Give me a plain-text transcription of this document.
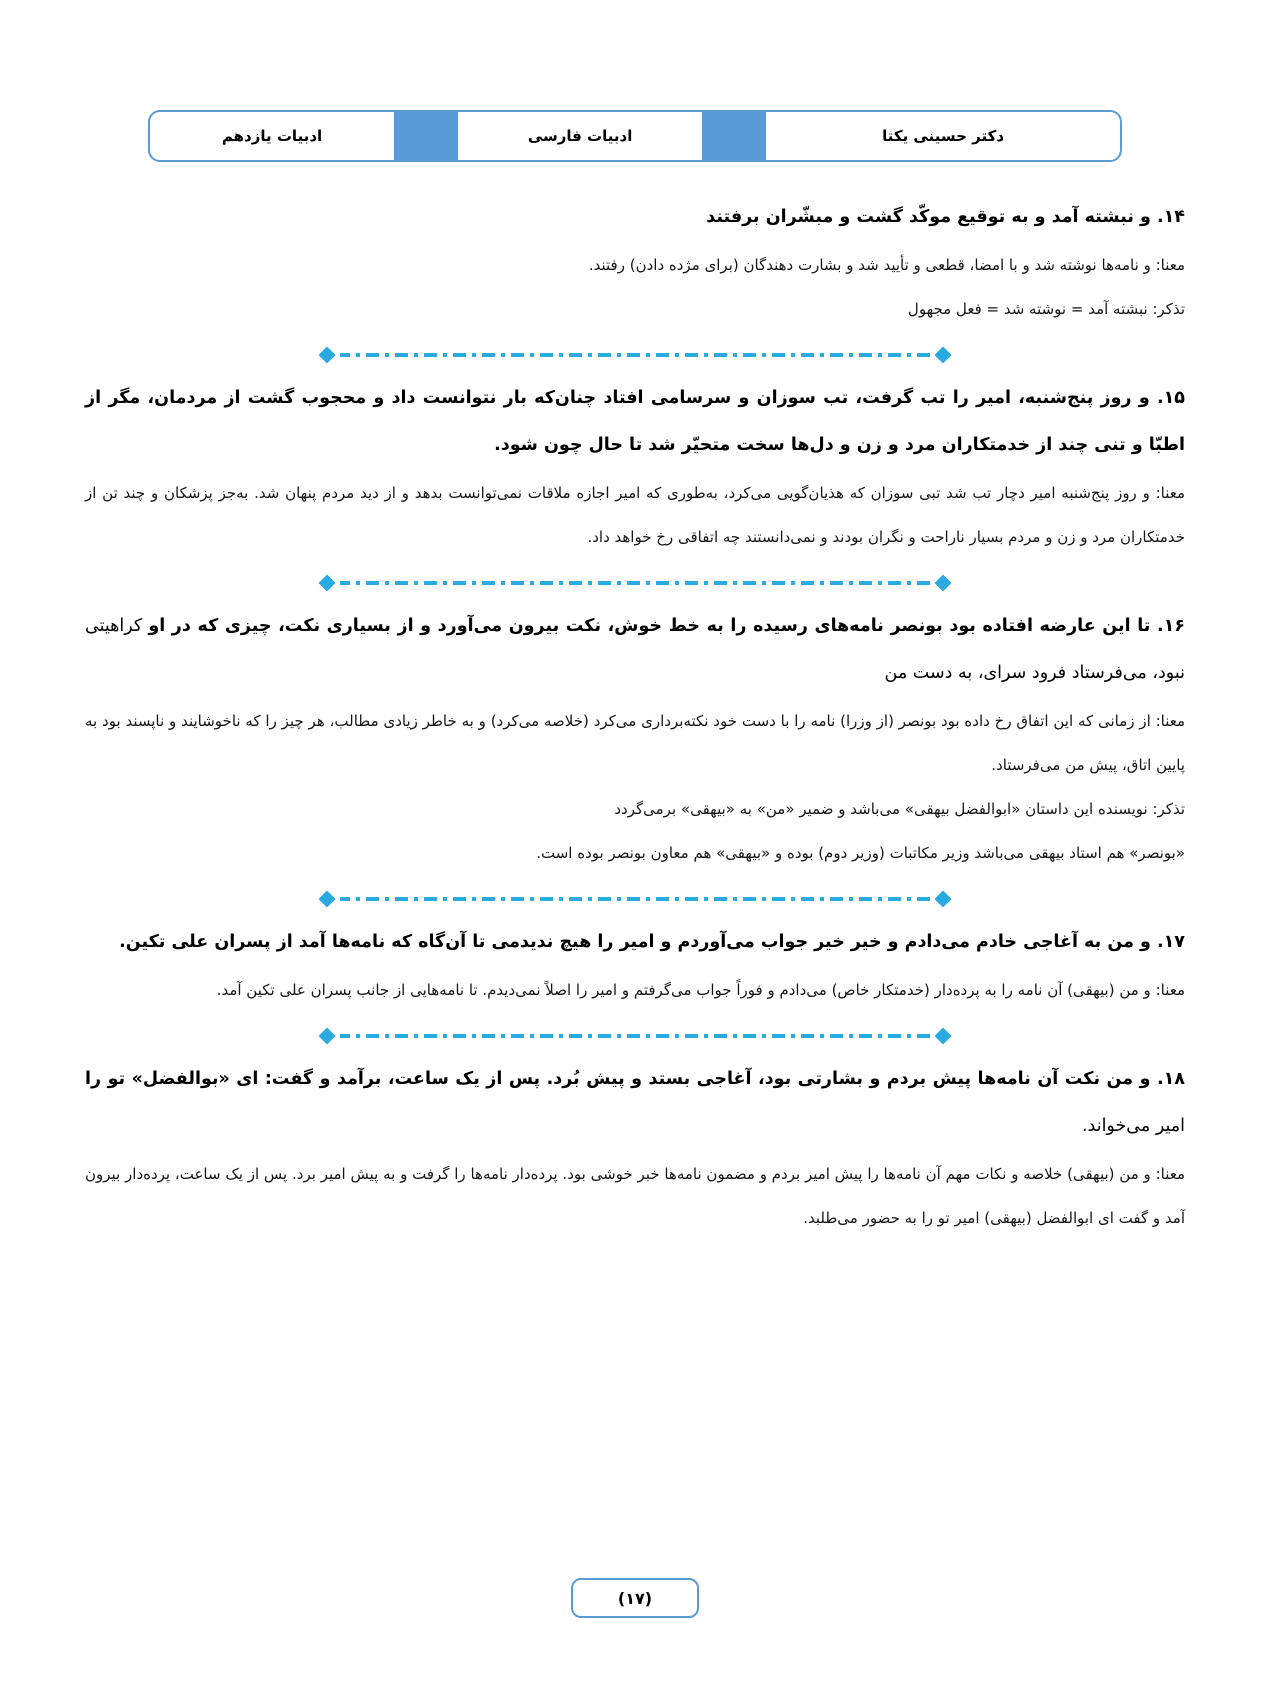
دکتر حسینی یکتا
ادبیات فارسی
ادبیات یازدهم

۱۴. و نبشته آمد و به توقیع موکّد گشت و مبشّران برفتند

معنا: و نامه‌ها نوشته شد و با امضا، قطعی و تأیید شد و بشارت دهندگان (برای مژده دادن) رفتند.

تذکر: نبشته آمد = نوشته شد = فعل مجهول

۱۵. و روز پنج‌شنبه، امیر را تب گرفت، تب سوزان و سرسامی افتاد چنان‌که بار نتوانست داد و محجوب گشت از مردمان، مگر از اطبّا و تنی چند از خدمتکاران مرد و زن و دل‌ها سخت متحیّر شد تا حال چون شود.

معنا: و روز پنج‌شنبه امیر دچار تب شد تبی سوزان که هذیان‌گویی می‌کرد، به‌طوری که امیر اجازه ملاقات نمی‌توانست بدهد و از دید مردم پنهان شد. به‌جز پزشکان و چند تن از خدمتکاران مرد و زن و مردم بسیار ناراحت و نگران بودند و نمی‌دانستند چه اتفاقی رخ خواهد داد.

۱۶. تا این عارضه افتاده بود بونصر نامه‌های رسیده را به خط خوش، نکت بیرون می‌آورد و از بسیاری نکت، چیزی که در او کراهیتی نبود، می‌فرستاد فرود سرای، به دست من

معنا: از زمانی که این اتفاق رخ داده بود بونصر (از وزرا) نامه را با دست خود نکته‌برداری می‌کرد (خلاصه می‌کرد) و به خاطر زیادی مطالب، هر چیز را که ناخوشایند و ناپسند بود به پایین اتاق، پیش من می‌فرستاد.

تذکر: نویسنده این داستان «ابوالفضل بیهقی» می‌باشد و ضمیر «من» به «بیهقی» برمی‌گردد

«بونصر» هم استاد بیهقی می‌باشد وزیر مکاتبات (وزیر دوم) بوده و «بیهقی» هم معاون بونصر بوده است.

۱۷. و من به آغاجی خادم می‌دادم و خیر خیر جواب می‌آوردم و امیر را هیچ ندیدمی تا آن‌گاه که نامه‌ها آمد از پسران علی تکین.

معنا: و من (بیهقی) آن نامه را به پرده‌دار (خدمتکار خاص) می‌دادم و فوراً جواب می‌گرفتم و امیر را اصلاً نمی‌دیدم. تا نامه‌هایی از جانب پسران علی تکین آمد.

۱۸. و من نکت آن نامه‌ها پیش بردم و بشارتی بود، آغاجی بستد و پیش بُرد. پس از یک ساعت، برآمد و گفت: ای «بوالفضل» تو را امیر می‌خواند.

معنا: و من (بیهقی) خلاصه و نکات مهم آن نامه‌ها را پیش امیر بردم و مضمون نامه‌ها خبر خوشی بود. پرده‌دار نامه‌ها را گرفت و به پیش امیر برد. پس از یک ساعت، پرده‌دار بیرون آمد و گفت ای ابوالفضل (بیهقی) امیر تو را به حضور می‌طلبد.

(۱۷)
